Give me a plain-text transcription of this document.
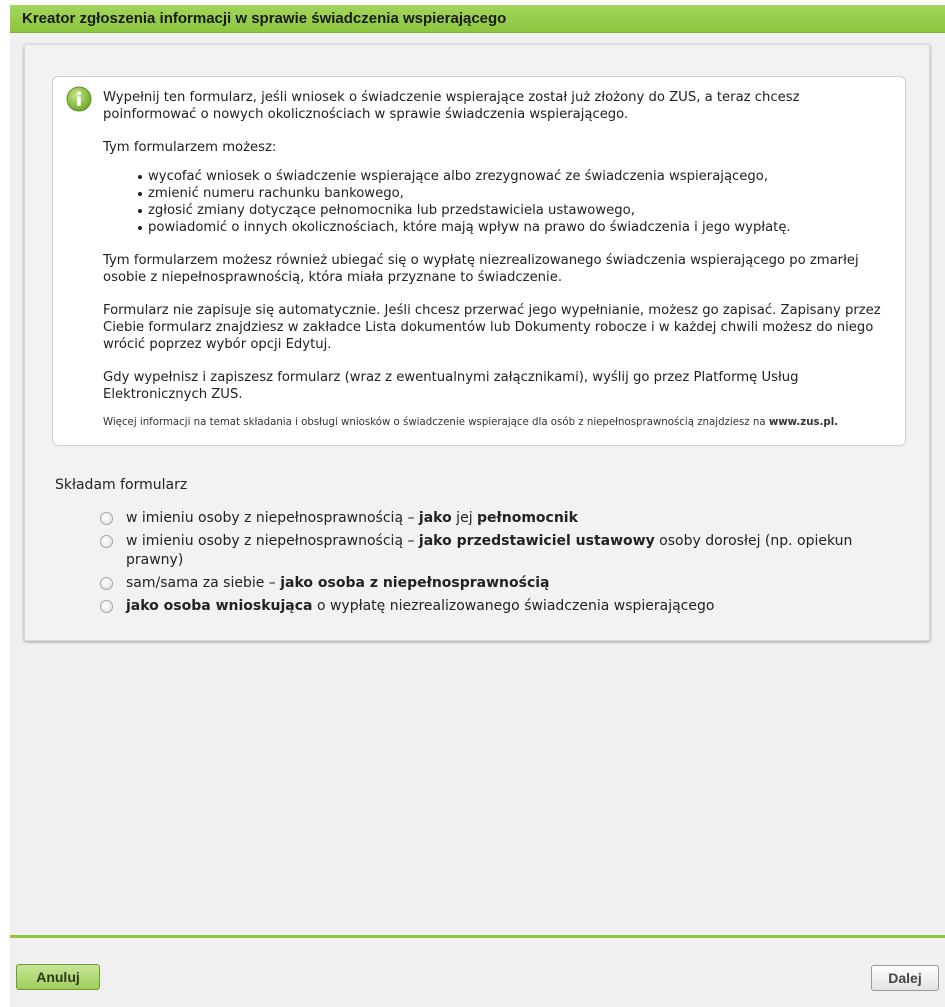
Kreator zgłoszenia informacji w sprawie świadczenia wspierającego

Wypełnij ten formularz, jeśli wniosek o świadczenie wspierające został już złożony do ZUS, a teraz chcesz poinformować o nowych okolicznościach w sprawie świadczenia wspierającego.

Tym formularzem możesz:

wycofać wniosek o świadczenie wspierające albo zrezygnować ze świadczenia wspierającego,
zmienić numeru rachunku bankowego,
zgłosić zmiany dotyczące pełnomocnika lub przedstawiciela ustawowego,
powiadomić o innych okolicznościach, które mają wpływ na prawo do świadczenia i jego wypłatę.

Tym formularzem możesz również ubiegać się o wypłatę niezrealizowanego świadczenia wspierającego po zmarłej osobie z niepełnosprawnością, która miała przyznane to świadczenie.

Formularz nie zapisuje się automatycznie. Jeśli chcesz przerwać jego wypełnianie, możesz go zapisać. Zapisany przez Ciebie formularz znajdziesz w zakładce Lista dokumentów lub Dokumenty robocze i w każdej chwili możesz do niego wrócić poprzez wybór opcji Edytuj.

Gdy wypełnisz i zapiszesz formularz (wraz z ewentualnymi załącznikami), wyślij go przez Platformę Usług Elektronicznych ZUS.

Więcej informacji na temat składania i obsługi wniosków o świadczenie wspierające dla osób z niepełnosprawnością znajdziesz na www.zus.pl.

Składam formularz
w imieniu osoby z niepełnosprawnością – jako jej pełnomocnik
w imieniu osoby z niepełnosprawnością – jako przedstawiciel ustawowy osoby dorosłej (np. opiekun prawny)
sam/sama za siebie – jako osoba z niepełnosprawnością
jako osoba wnioskująca o wypłatę niezrealizowanego świadczenia wspierającego
Anuluj	Dalej
